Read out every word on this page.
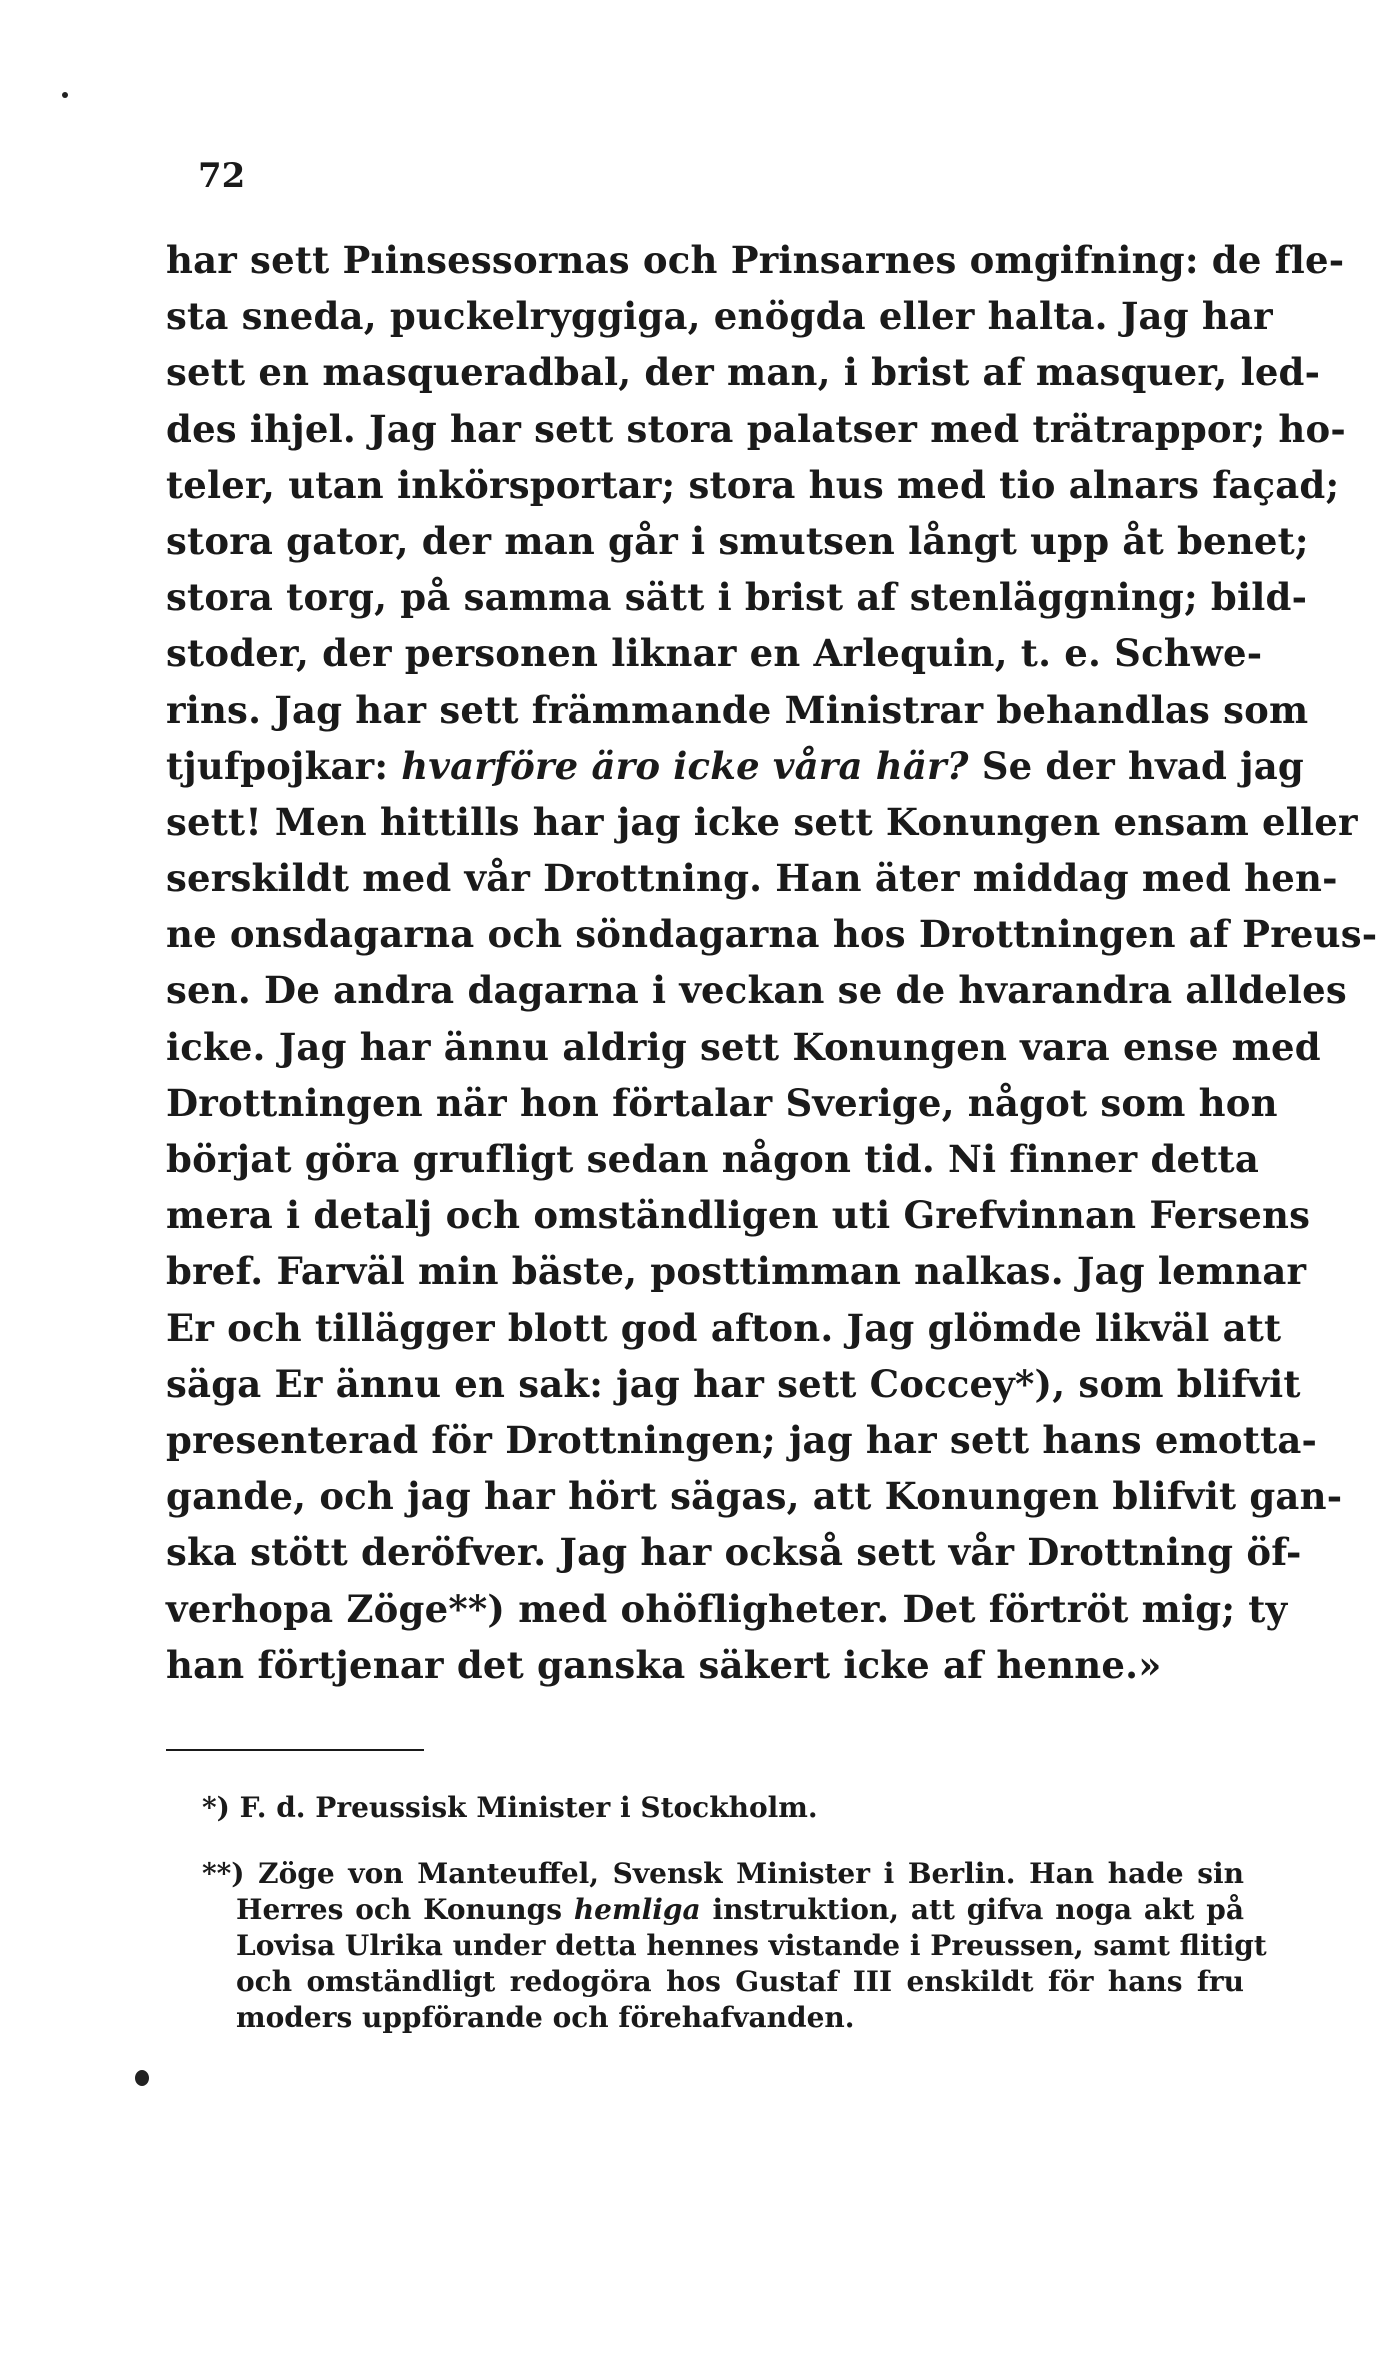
72
har sett Pıinsessornas och Prinsarnes omgifning: de fle-
sta sneda, puckelryggiga, enögda eller halta. Jag har
sett en masqueradbal, der man, i brist af masquer, led-
des ihjel. Jag har sett stora palatser med trätrappor; ho-
teler, utan inkörsportar; stora hus med tio alnars façad;
stora gator, der man går i smutsen långt upp åt benet;
stora torg, på samma sätt i brist af stenläggning; bild-
stoder, der personen liknar en Arlequin, t. e. Schwe-
rins. Jag har sett främmande Ministrar behandlas som
tjufpojkar: hvarföre äro icke våra här? Se der hvad jag
sett! Men hittills har jag icke sett Konungen ensam eller
serskildt med vår Drottning. Han äter middag med hen-
ne onsdagarna och söndagarna hos Drottningen af Preus-
sen. De andra dagarna i veckan se de hvarandra alldeles
icke. Jag har ännu aldrig sett Konungen vara ense med
Drottningen när hon förtalar Sverige, något som hon
börjat göra grufligt sedan någon tid. Ni finner detta
mera i detalj och omständligen uti Grefvinnan Fersens
bref. Farväl min bäste, posttimman nalkas. Jag lemnar
Er och tillägger blott god afton. Jag glömde likväl att
säga Er ännu en sak: jag har sett Coccey*), som blifvit
presenterad för Drottningen; jag har sett hans emotta-
gande, och jag har hört sägas, att Konungen blifvit gan-
ska stött deröfver. Jag har också sett vår Drottning öf-
verhopa Zöge**) med ohöfligheter. Det förtröt mig; ty
han förtjenar det ganska säkert icke af henne.»
*) F. d. Preussisk Minister i Stockholm.
**) Zöge von Manteuffel, Svensk Minister i Berlin. Han hade sin
Herres och Konungs hemliga instruktion, att gifva noga akt på
Lovisa Ulrika under detta hennes vistande i Preussen, samt flitigt
och omständligt redogöra hos Gustaf III enskildt för hans fru
moders uppförande och förehafvanden.
